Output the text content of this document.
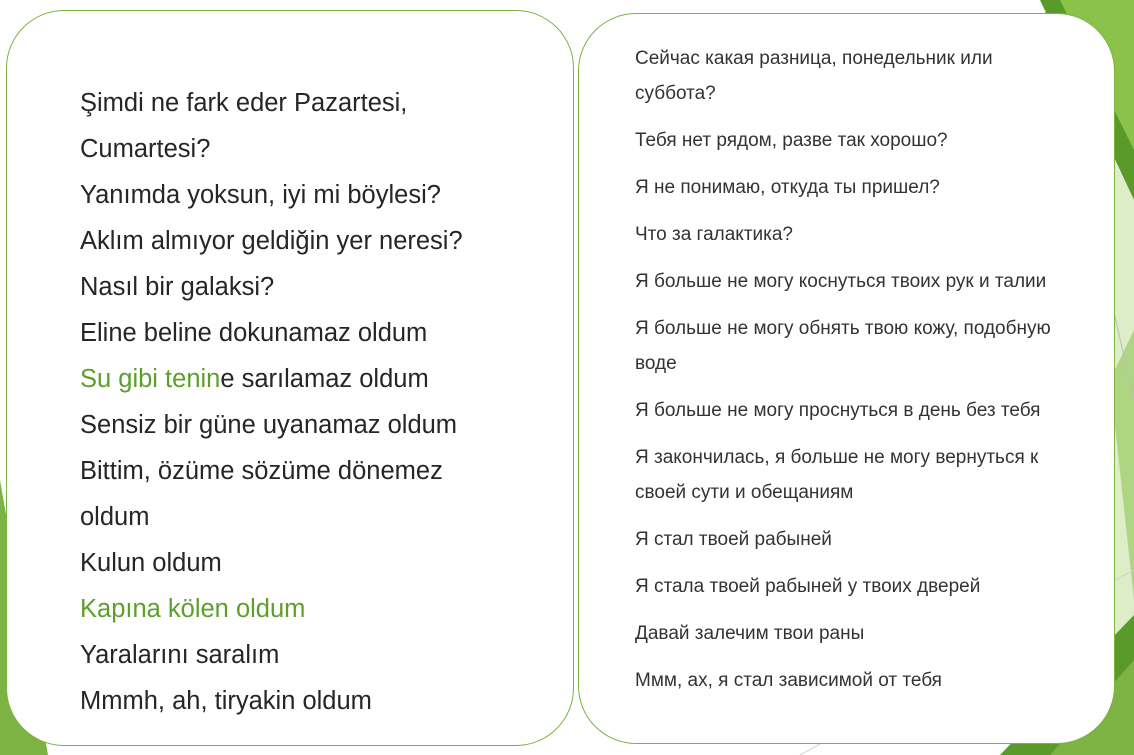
Şimdi ne fark eder Pazartesi,
Cumartesi?
Yanımda yoksun, iyi mi böylesi?
Aklım almıyor geldiğin yer neresi?
Nasıl bir galaksi?
Eline beline dokunamaz oldum
Su gibi tenine sarılamaz oldum
Sensiz bir güne uyanamaz oldum
Bittim, özüme sözüme dönemez
oldum
Kulun oldum
Kapına kölen oldum
Yaralarını saralım
Mmmh, ah, tiryakin oldum
Сейчас какая разница, понедельник или суббота?
Тебя нет рядом, разве так хорошо?
Я не понимаю, откуда ты пришел?
Что за галактика?
Я больше не могу коснуться твоих рук и талии
Я больше не могу обнять твою кожу, подобную воде
Я больше не могу проснуться в день без тебя
Я закончилась, я больше не могу вернуться к своей сути и обещаниям
Я стал твоей рабыней
Я стала твоей рабыней у твоих дверей
Давай залечим твои раны
Ммм, ах, я стал зависимой от тебя
